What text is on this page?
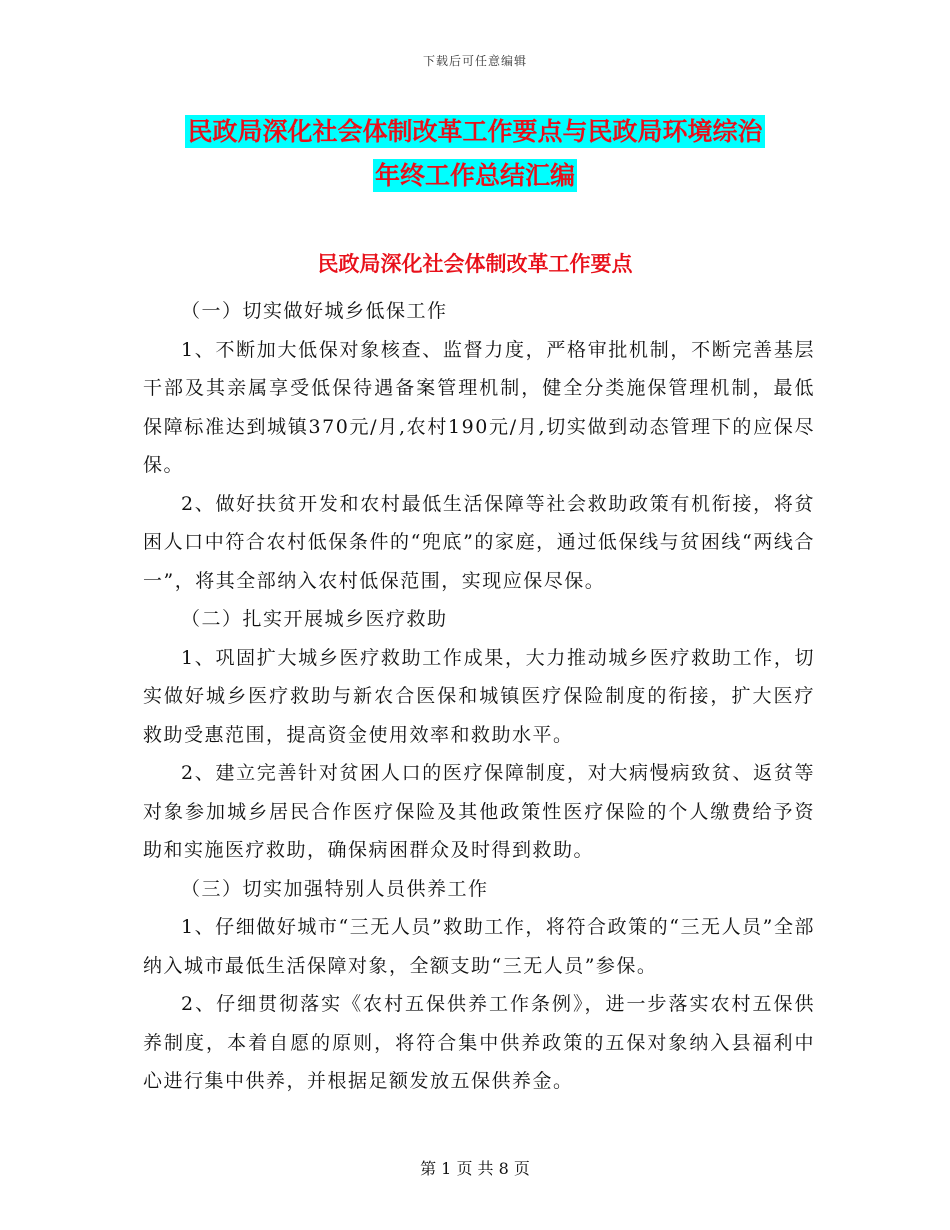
下载后可任意编辑
民政局深化社会体制改革工作要点与民政局环境综治
年终工作总结汇编
民政局深化社会体制改革工作要点

（一）切实做好城乡低保工作

1、不断加大低保对象核查、监督力度，严格审批机制，不断完善基层干部及其亲属享受低保待遇备案管理机制，健全分类施保管理机制，最低保障标准达到城镇370元/月,农村190元/月,切实做到动态管理下的应保尽保。

2、做好扶贫开发和农村最低生活保障等社会救助政策有机衔接，将贫困人口中符合农村低保条件的“兜底”的家庭，通过低保线与贫困线“两线合一”，将其全部纳入农村低保范围，实现应保尽保。

（二）扎实开展城乡医疗救助

1、巩固扩大城乡医疗救助工作成果，大力推动城乡医疗救助工作，切实做好城乡医疗救助与新农合医保和城镇医疗保险制度的衔接，扩大医疗救助受惠范围，提高资金使用效率和救助水平。

2、建立完善针对贫困人口的医疗保障制度，对大病慢病致贫、返贫等对象参加城乡居民合作医疗保险及其他政策性医疗保险的个人缴费给予资助和实施医疗救助，确保病困群众及时得到救助。

（三）切实加强特别人员供养工作

1、仔细做好城市“三无人员”救助工作，将符合政策的“三无人员”全部纳入城市最低生活保障对象，全额支助“三无人员”参保。

2、仔细贯彻落实《农村五保供养工作条例》，进一步落实农村五保供养制度，本着自愿的原则，将符合集中供养政策的五保对象纳入县福利中心进行集中供养，并根据足额发放五保供养金。

第 1 页 共 8 页
